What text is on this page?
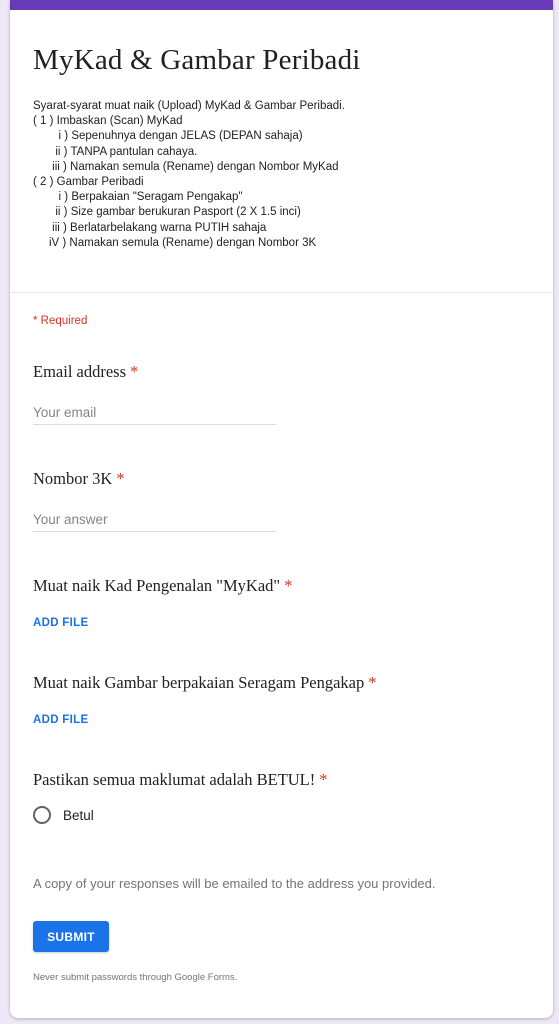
MyKad & Gambar Peribadi
Syarat-syarat muat naik (Upload) MyKad & Gambar Peribadi.
( 1 ) Imbaskan (Scan) MyKad
i ) Sepenuhnya dengan JELAS (DEPAN sahaja)
ii ) TANPA pantulan cahaya.
iii ) Namakan semula (Rename) dengan Nombor MyKad
( 2 ) Gambar Peribadi
i ) Berpakaian "Seragam Pengakap"
ii ) Size gambar berukuran Pasport (2 X 1.5 inci)
iii ) Berlatarbelakang warna PUTIH sahaja
iV ) Namakan semula (Rename) dengan Nombor 3K
* Required
Email address *
Your email
Nombor 3K *
Your answer
Muat naik Kad Pengenalan "MyKad" *
ADD FILE
Muat naik Gambar berpakaian Seragam Pengakap *
ADD FILE
Pastikan semua maklumat adalah BETUL! *
Betul
A copy of your responses will be emailed to the address you provided.
SUBMIT
Never submit passwords through Google Forms.
